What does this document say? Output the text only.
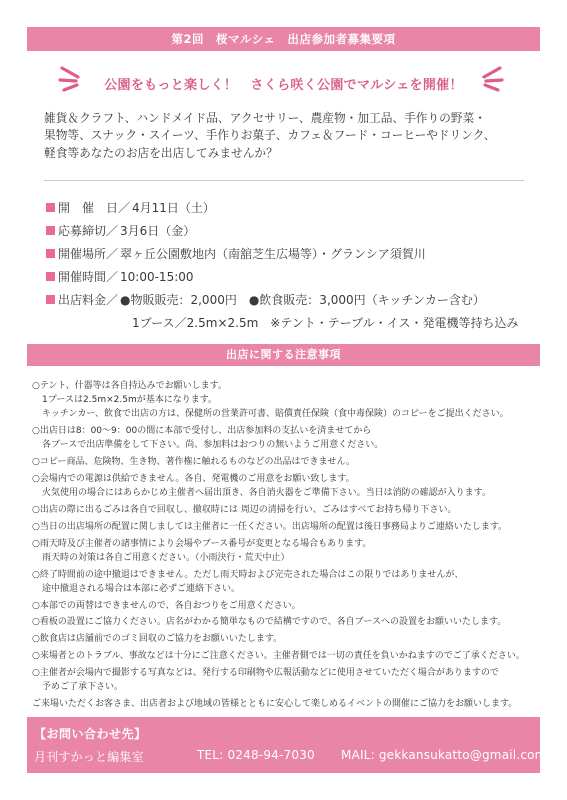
第2回　桜マルシェ　出店参加者募集要項
公園をもっと楽しく！　さくら咲く公園でマルシェを開催！
雑貨＆クラフト、ハンドメイド品、アクセサリー、農産物・加工品、手作りの野菜・
果物等、スナック・スイーツ、手作りお菓子、カフェ＆フード・コーヒーやドリンク、
軽食等あなたのお店を出店してみませんか？
開　催　日／ 4月11日（土）
応募締切／ 3月6日（金）
開催場所／ 翠ヶ丘公園敷地内（南舘芝生広場等）・グランシア須賀川
開催時間／ 10:00-15:00
出店料金／ ●物販販売：2,000円　●飲食販売：3,000円（キッチンカー含む）
1ブース／2.5m×2.5m　※テント・テーブル・イス・発電機等持ち込み
出店に関する注意事項
○テント、什器等は各自持込みでお願いします。
1ブースは2.5m×2.5mが基本になります。
キッチンカー、飲食で出店の方は、保健所の営業許可書、賠償責任保険（食中毒保険）のコピーをご提出ください。
○出店日は8：00～9：00の間に本部で受付し、出店参加料の支払いを済ませてから
各ブースで出店準備をして下さい。尚、参加料はおつりの無いようご用意ください。
○コピー商品、危険物、生き物、著作権に触れるものなどの出品はできません。
○会場内での電源は供給できません。各自、発電機のご用意をお願い致します。
火気使用の場合にはあらかじめ主催者へ届出頂き、各自消火器をご準備下さい。当日は消防の確認が入ります。
○出店の際に出るごみは各自で回収し、撤収時には 周辺の清掃を行い、ごみはすべてお持ち帰り下さい。
○当日の出店場所の配置に関しましては主催者に一任ください。出店場所の配置は後日事務局よりご連絡いたします。
○雨天時及び主催者の諸事情により会場やブース番号が変更となる場合もあります。
雨天時の対策は各自ご用意ください。（小雨決行・荒天中止）
○終了時間前の途中撤退はできません。ただし雨天時および完売された場合はこの限りではありませんが、
途中撤退される場合は本部に必ずご連絡下さい。
○本部での両替はできませんので、各自おつりをご用意ください。
○看板の設置にご協力ください。店名がわかる簡単なもので結構ですので、各自ブースへの設置をお願いいたします。
○飲食店は店舗前でのゴミ回収のご協力をお願いいたします。
○来場者とのトラブル、事故などは十分にご注意ください。主催者側では一切の責任を負いかねますのでご了承ください。
○主催者が会場内で撮影する写真などは、発行する印刷物や広報活動などに使用させていただく場合がありますので
予めご了承下さい。
ご来場いただくお客さま、出店者および地域の皆様とともに安心して楽しめるイベントの開催にご協力をお願いします。
【お問い合わせ先】
月刊すかっと編集室	TEL: 0248-94-7030 MAIL: gekkansukatto@gmail.com
